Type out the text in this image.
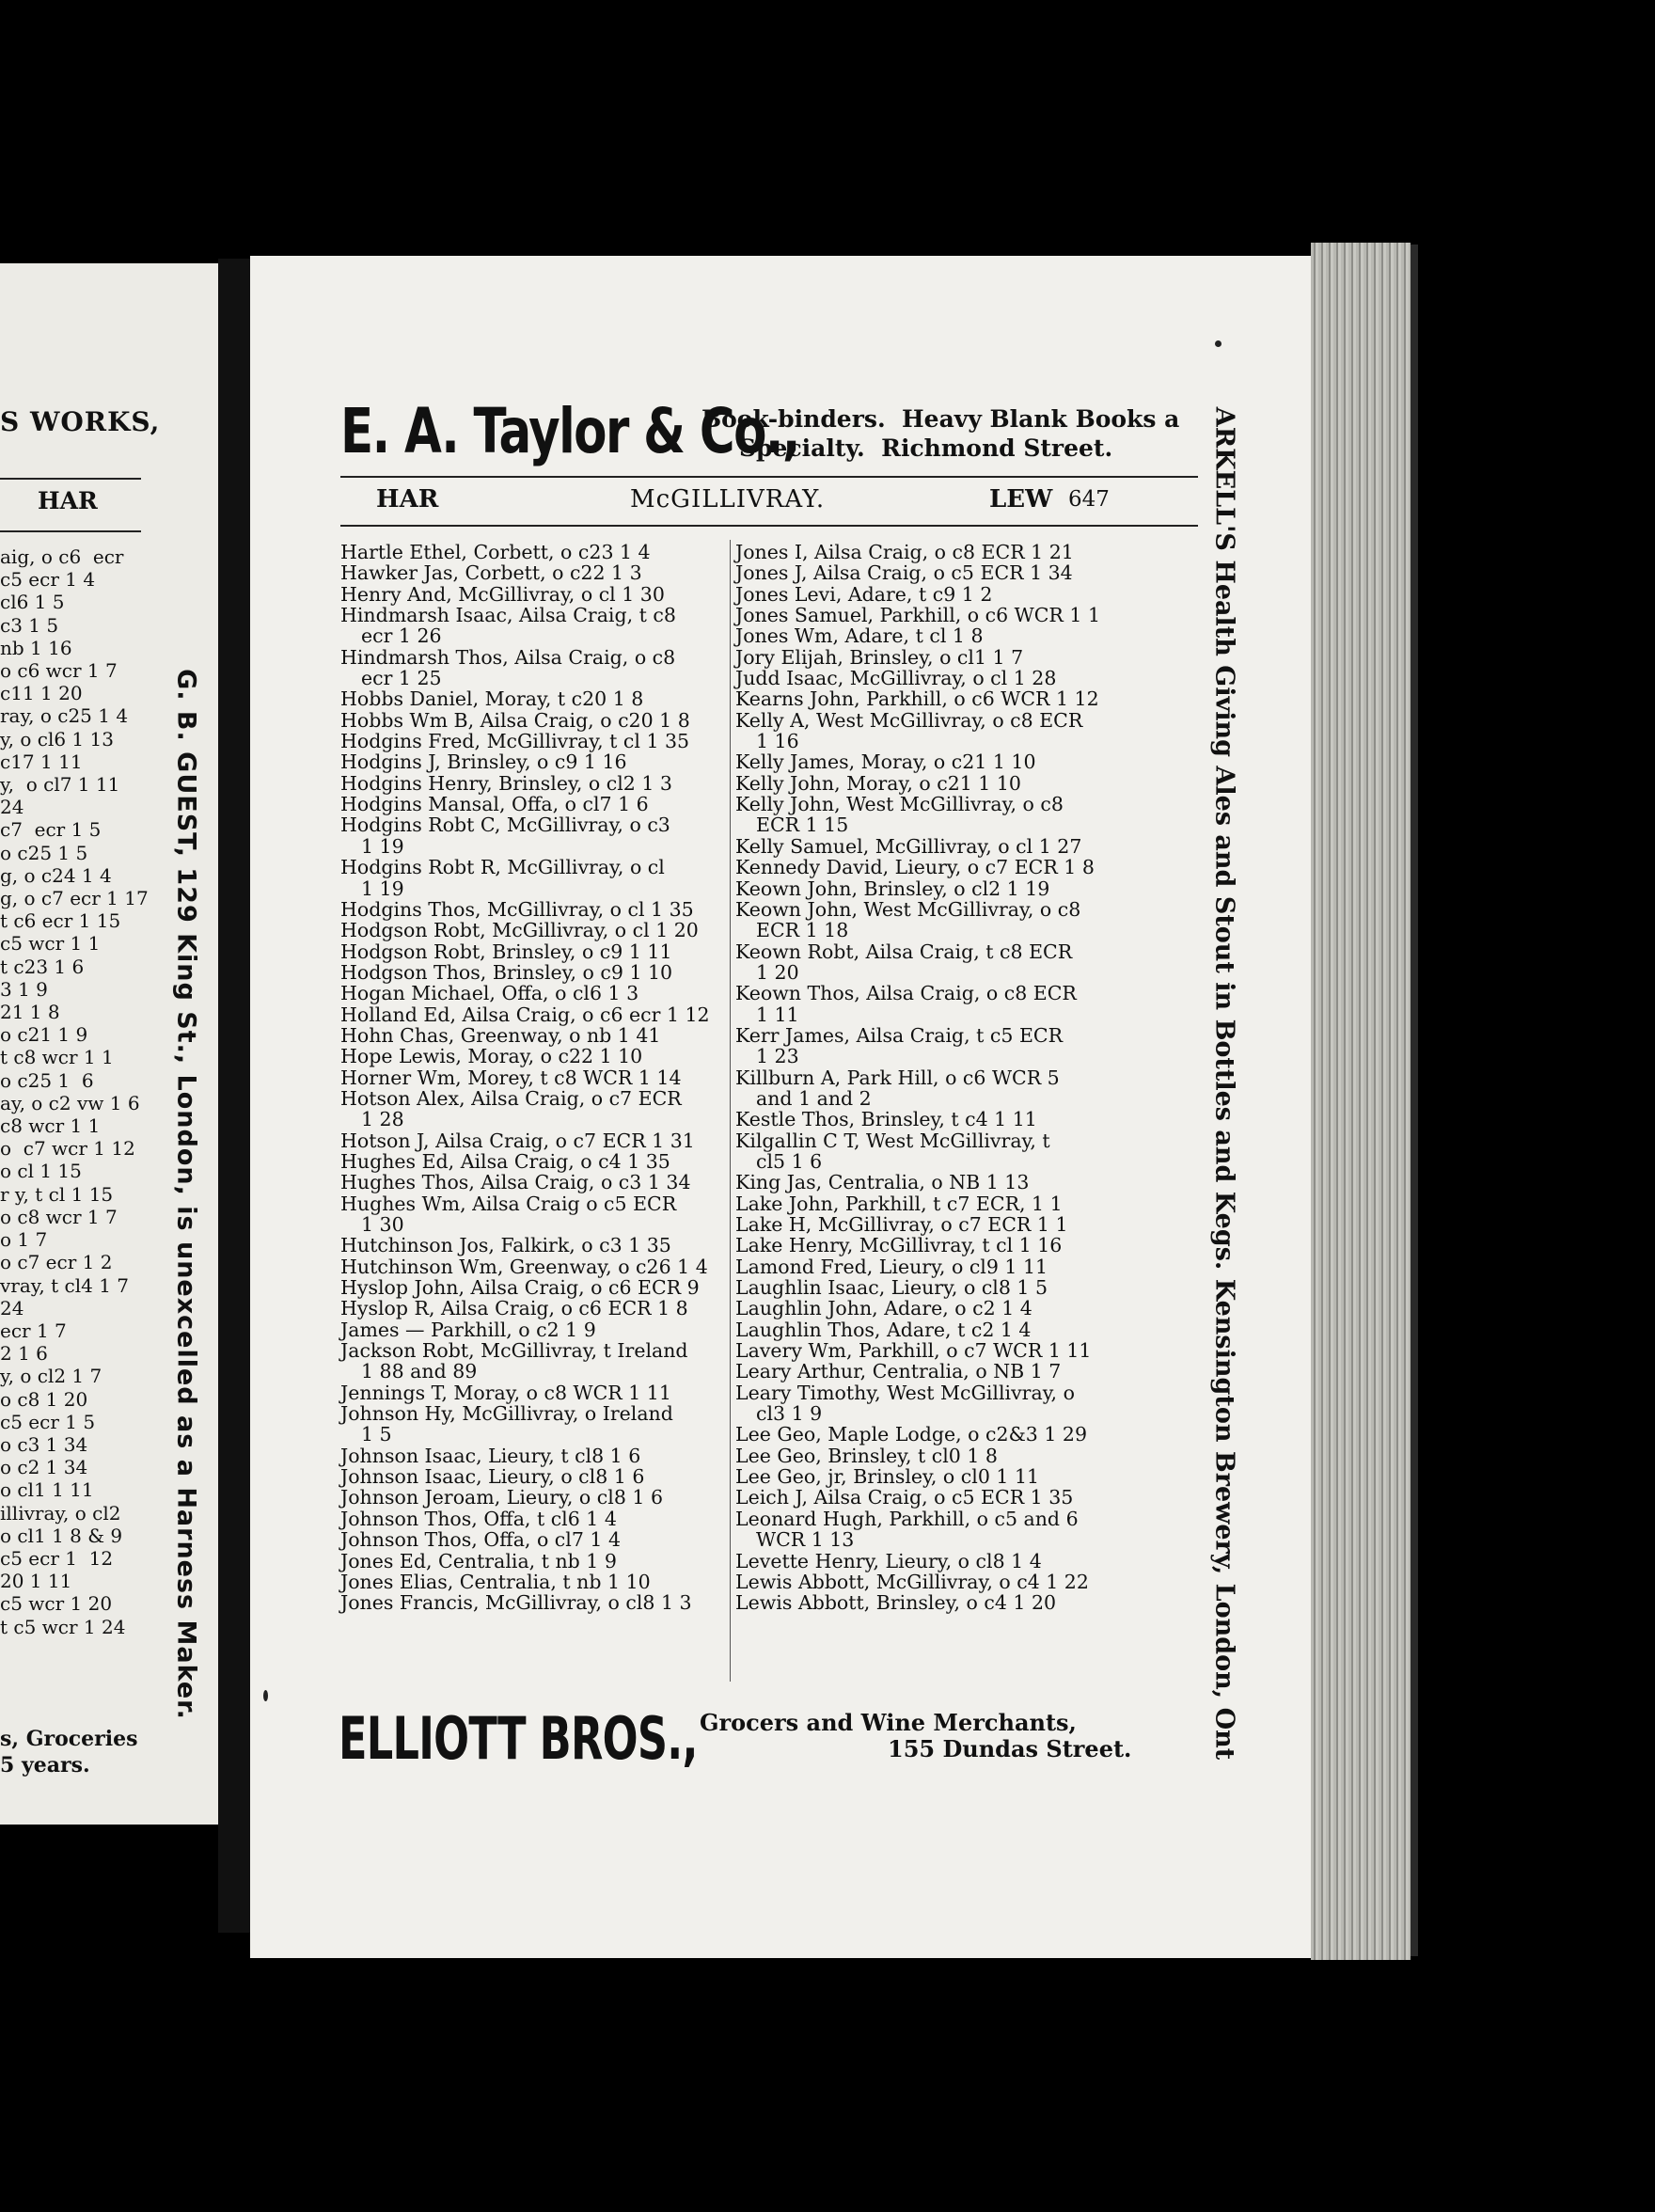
S WORKS,
HAR
aig, o c6  ecr
c5 ecr 1 4
cl6 1 5
c3 1 5
nb 1 16
o c6 wcr 1 7
c11 1 20
ray, o c25 1 4
y, o cl6 1 13
c17 1 11
y,  o cl7 1 11
24
c7  ecr 1 5
o c25 1 5
g, o c24 1 4
g, o c7 ecr 1 17
t c6 ecr 1 15
c5 wcr 1 1
t c23 1 6
3 1 9
21 1 8
o c21 1 9
t c8 wcr 1 1
o c25 1  6
ay, o c2 vw 1 6
c8 wcr 1 1
o  c7 wcr 1 12
o cl 1 15
r y, t cl 1 15
o c8 wcr 1 7
o 1 7
o c7 ecr 1 2
vray, t cl4 1 7
24
ecr 1 7
2 1 6
y, o cl2 1 7
o c8 1 20
c5 ecr 1 5
o c3 1 34
o c2 1 34
o cl1 1 11
illivray, o cl2
o cl1 1 8 & 9
c5 ecr 1  12
20 1 11
c5 wcr 1 20
t c5 wcr 1 24	G. B. GUEST, 129 King St., London, is unexcelled as a Harness Maker.
s, Groceries
5 years.
E. A. Taylor & Co.,
Book-binders.  Heavy Blank Books a
Specialty.  Richmond Street.
HAR	McGILLIVRAY.	LEW 647
Hartle Ethel, Corbett, o c23 1 4
Hawker Jas, Corbett, o c22 1 3
Henry And, McGillivray, o cl 1 30
Hindmarsh Isaac, Ailsa Craig, t c8
ecr 1 26
Hindmarsh Thos, Ailsa Craig, o c8
ecr 1 25
Hobbs Daniel, Moray, t c20 1 8
Hobbs Wm B, Ailsa Craig, o c20 1 8
Hodgins Fred, McGillivray, t cl 1 35
Hodgins J, Brinsley, o c9 1 16
Hodgins Henry, Brinsley, o cl2 1 3
Hodgins Mansal, Offa, o cl7 1 6
Hodgins Robt C, McGillivray, o c3
1 19
Hodgins Robt R, McGillivray, o cl
1 19
Hodgins Thos, McGillivray, o cl 1 35
Hodgson Robt, McGillivray, o cl 1 20
Hodgson Robt, Brinsley, o c9 1 11
Hodgson Thos, Brinsley, o c9 1 10
Hogan Michael, Offa, o cl6 1 3
Holland Ed, Ailsa Craig, o c6 ecr 1 12
Hohn Chas, Greenway, o nb 1 41
Hope Lewis, Moray, o c22 1 10
Horner Wm, Morey, t c8 WCR 1 14
Hotson Alex, Ailsa Craig, o c7 ECR
1 28
Hotson J, Ailsa Craig, o c7 ECR 1 31
Hughes Ed, Ailsa Craig, o c4 1 35
Hughes Thos, Ailsa Craig, o c3 1 34
Hughes Wm, Ailsa Craig o c5 ECR
1 30
Hutchinson Jos, Falkirk, o c3 1 35
Hutchinson Wm, Greenway, o c26 1 4
Hyslop John, Ailsa Craig, o c6 ECR 9
Hyslop R, Ailsa Craig, o c6 ECR 1 8
James — Parkhill, o c2 1 9
Jackson Robt, McGillivray, t Ireland
1 88 and 89
Jennings T, Moray, o c8 WCR 1 11
Johnson Hy, McGillivray, o Ireland
1 5
Johnson Isaac, Lieury, t cl8 1 6
Johnson Isaac, Lieury, o cl8 1 6
Johnson Jeroam, Lieury, o cl8 1 6
Johnson Thos, Offa, t cl6 1 4
Johnson Thos, Offa, o cl7 1 4
Jones Ed, Centralia, t nb 1 9
Jones Elias, Centralia, t nb 1 10
Jones Francis, McGillivray, o cl8 1 3
Jones I, Ailsa Craig, o c8 ECR 1 21
Jones J, Ailsa Craig, o c5 ECR 1 34
Jones Levi, Adare, t c9 1 2
Jones Samuel, Parkhill, o c6 WCR 1 1
Jones Wm, Adare, t cl 1 8
Jory Elijah, Brinsley, o cl1 1 7
Judd Isaac, McGillivray, o cl 1 28
Kearns John, Parkhill, o c6 WCR 1 12
Kelly A, West McGillivray, o c8 ECR
1 16
Kelly James, Moray, o c21 1 10
Kelly John, Moray, o c21 1 10
Kelly John, West McGillivray, o c8
ECR 1 15
Kelly Samuel, McGillivray, o cl 1 27
Kennedy David, Lieury, o c7 ECR 1 8
Keown John, Brinsley, o cl2 1 19
Keown John, West McGillivray, o c8
ECR 1 18
Keown Robt, Ailsa Craig, t c8 ECR
1 20
Keown Thos, Ailsa Craig, o c8 ECR
1 11
Kerr James, Ailsa Craig, t c5 ECR
1 23
Killburn A, Park Hill, o c6 WCR 5
and 1 and 2
Kestle Thos, Brinsley, t c4 1 11
Kilgallin C T, West McGillivray, t
cl5 1 6
King Jas, Centralia, o NB 1 13
Lake John, Parkhill, t c7 ECR, 1 1
Lake H, McGillivray, o c7 ECR 1 1
Lake Henry, McGillivray, t cl 1 16
Lamond Fred, Lieury, o cl9 1 11
Laughlin Isaac, Lieury, o cl8 1 5
Laughlin John, Adare, o c2 1 4
Laughlin Thos, Adare, t c2 1 4
Lavery Wm, Parkhill, o c7 WCR 1 11
Leary Arthur, Centralia, o NB 1 7
Leary Timothy, West McGillivray, o
cl3 1 9
Lee Geo, Maple Lodge, o c2&3 1 29
Lee Geo, Brinsley, t cl0 1 8
Lee Geo, jr, Brinsley, o cl0 1 11
Leich J, Ailsa Craig, o c5 ECR 1 35
Leonard Hugh, Parkhill, o c5 and 6
WCR 1 13
Levette Henry, Lieury, o cl8 1 4
Lewis Abbott, McGillivray, o c4 1 22
Lewis Abbott, Brinsley, o c4 1 20	ARKELL'S Health Giving Ales and Stout in Bottles and Kegs. Kensington Brewery, London, Ont
ELLIOTT BROS., Grocers and Wine Merchants,
155 Dundas Street.
